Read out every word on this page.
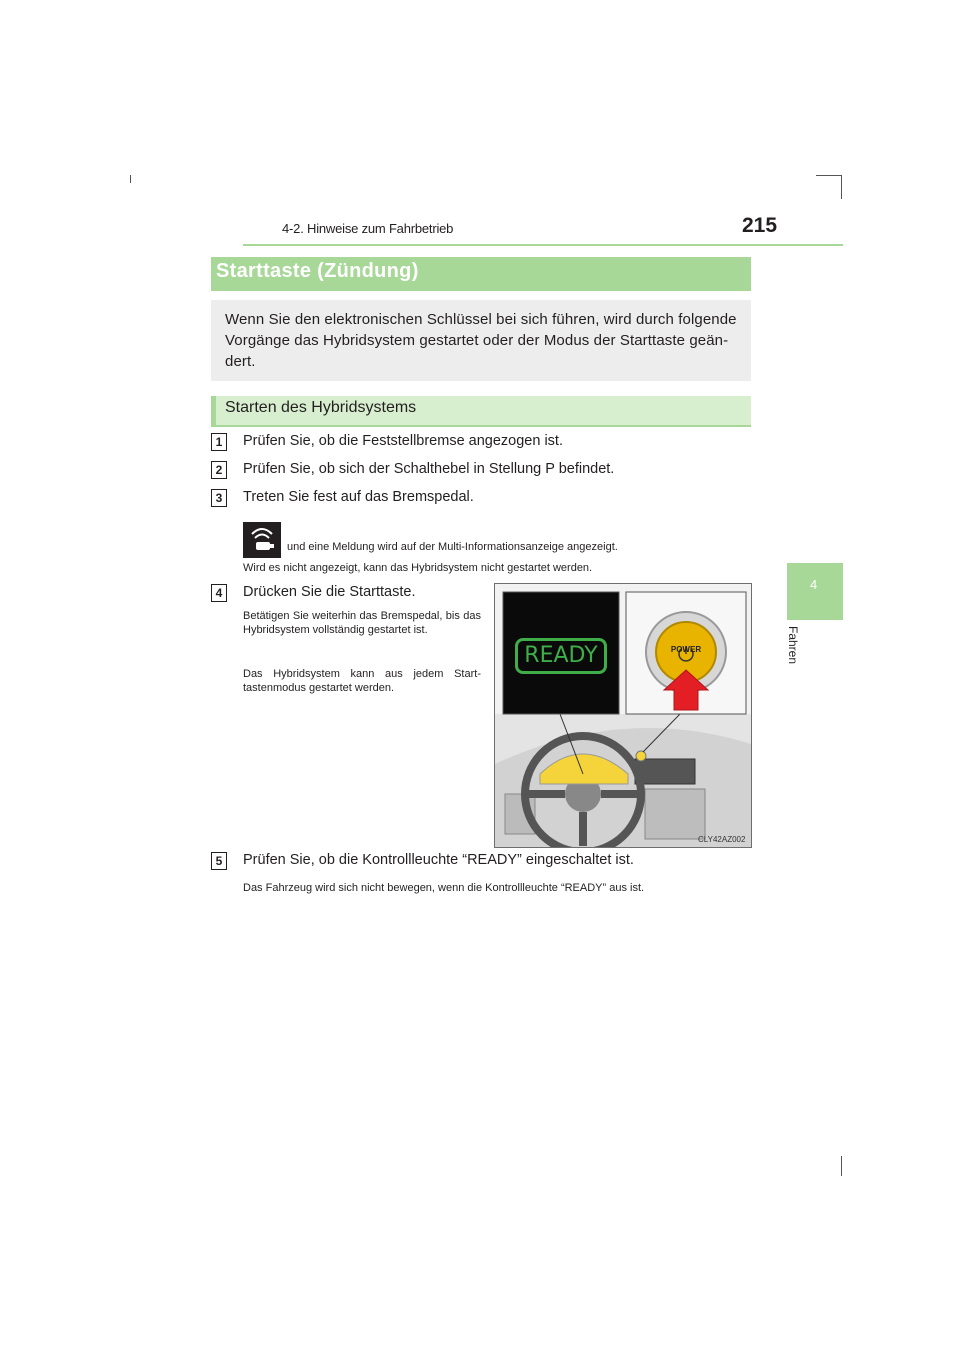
4-2. Hinweise zum Fahrbetrieb	215
4
Fahren
Starttaste (Zündung)
Wenn Sie den elektronischen Schlüssel bei sich führen, wird durch folgende Vorgänge das Hybridsystem gestartet oder der Modus der Starttaste geän-dert.
Starten des Hybridsystems
1	Prüfen Sie, ob die Feststellbremse angezogen ist.
2	Prüfen Sie, ob sich der Schalthebel in Stellung P befindet.
3	Treten Sie fest auf das Bremspedal.
und eine Meldung wird auf der Multi-Informationsanzeige angezeigt.
Wird es nicht angezeigt, kann das Hybridsystem nicht gestartet werden.
4	Drücken Sie die Starttaste.
Betätigen Sie weiterhin das Bremspedal, bis das Hybridsystem vollständig gestartet ist.
Das Hybridsystem kann aus jedem Start-tastenmodus gestartet werden.
READY	POWER
CLY42AZ002
5	Prüfen Sie, ob die Kontrollleuchte “READY” eingeschaltet ist.
Das Fahrzeug wird sich nicht bewegen, wenn die Kontrollleuchte “READY” aus ist.
